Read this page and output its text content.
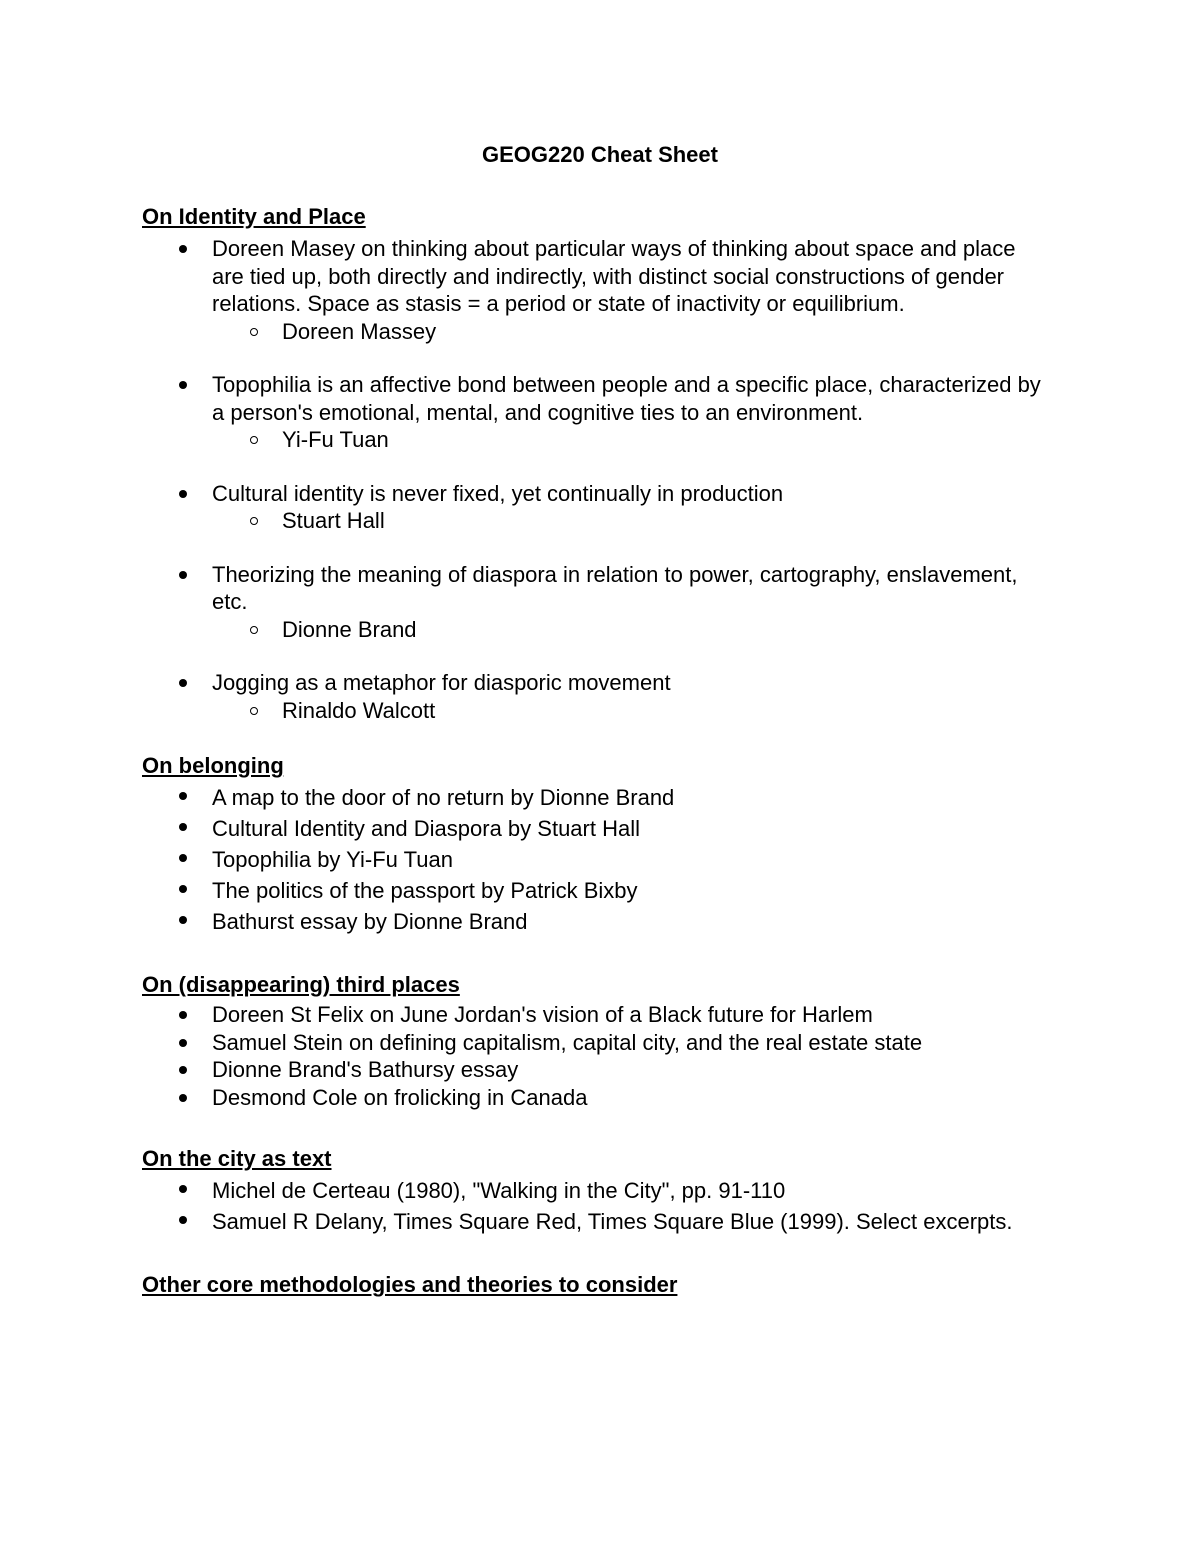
GEOG220 Cheat Sheet

On Identity and Place

Doreen Masey on thinking about particular ways of thinking about space and place are tied up, both directly and indirectly, with distinct social constructions of gender relations. Space as stasis = a period or state of inactivity or equilibrium.
Doreen Massey
Topophilia is an affective bond between people and a specific place, characterized by a person's emotional, mental, and cognitive ties to an environment.
Yi-Fu Tuan
Cultural identity is never fixed, yet continually in production
Stuart Hall
Theorizing the meaning of diaspora in relation to power, cartography, enslavement, etc.
Dionne Brand
Jogging as a metaphor for diasporic movement
Rinaldo Walcott

On belonging

A map to the door of no return by Dionne Brand
Cultural Identity and Diaspora by Stuart Hall
Topophilia by Yi-Fu Tuan
The politics of the passport by Patrick Bixby
Bathurst essay by Dionne Brand

On (disappearing) third places

Doreen St Felix on June Jordan's vision of a Black future for Harlem
Samuel Stein on defining capitalism, capital city, and the real estate state
Dionne Brand's Bathursy essay
Desmond Cole on frolicking in Canada

On the city as text

Michel de Certeau (1980), "Walking in the City", pp. 91-110
Samuel R Delany, Times Square Red, Times Square Blue (1999). Select excerpts.

Other core methodologies and theories to consider
